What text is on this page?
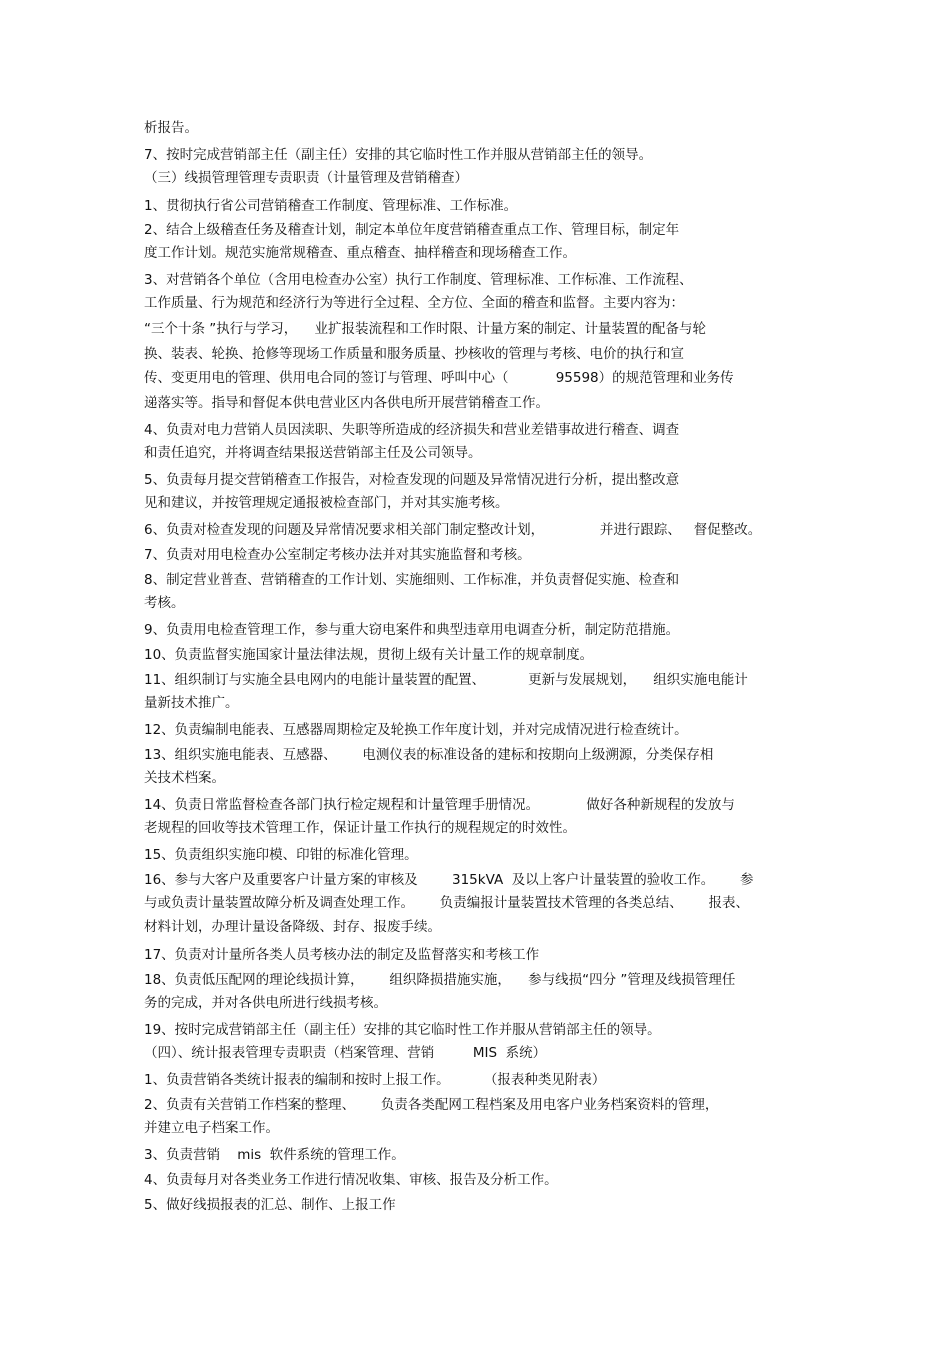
析报告。
7、按时完成营销部主任（副主任）安排的其它临时性工作并服从营销部主任的领导。
（三）线损管理管理专责职责（计量管理及营销稽查）
1、贯彻执行省公司营销稽查工作制度、管理标准、工作标准。
2、结合上级稽查任务及稽查计划，制定本单位年度营销稽查重点工作、管理目标，制定年
度工作计划。规范实施常规稽查、重点稽查、抽样稽查和现场稽查工作。
3、对营销各个单位（含用电检查办公室）执行工作制度、管理标准、工作标准、工作流程、
工作质量、行为规范和经济行为等进行全过程、全方位、全面的稽查和监督。主要内容为：
“三个十条 ”执行与学习，    业扩报装流程和工作时限、计量方案的制定、计量装置的配备与轮
换、装表、轮换、抢修等现场工作质量和服务质量、抄核收的管理与考核、电价的执行和宣
传、变更用电的管理、供用电合同的签订与管理、呼叫中心（           95598）的规范管理和业务传
递落实等。指导和督促本供电营业区内各供电所开展营销稽查工作。
4、负责对电力营销人员因渎职、失职等所造成的经济损失和营业差错事故进行稽查、调查
和责任追究，并将调查结果报送营销部主任及公司领导。
5、负责每月提交营销稽查工作报告，对检查发现的问题及异常情况进行分析，提出整改意
见和建议，并按管理规定通报被检查部门，并对其实施考核。
6、负责对检查发现的问题及异常情况要求相关部门制定整改计划，             并进行跟踪、   督促整改。
7、负责对用电检查办公室制定考核办法并对其实施监督和考核。
8、制定营业普查、营销稽查的工作计划、实施细则、工作标准，并负责督促实施、检查和
考核。
9、负责用电检查管理工作，参与重大窃电案件和典型违章用电调查分析，制定防范措施。
10、负责监督实施国家计量法律法规，贯彻上级有关计量工作的规章制度。
11、组织制订与实施全县电网内的电能计量装置的配置、          更新与发展规划，    组织实施电能计
量新技术推广。
12、负责编制电能表、互感器周期检定及轮换工作年度计划，并对完成情况进行检查统计。
13、组织实施电能表、互感器、      电测仪表的标准设备的建标和按期向上级溯源，分类保存相
关技术档案。
14、负责日常监督检查各部门执行检定规程和计量管理手册情况。           做好各种新规程的发放与
老规程的回收等技术管理工作，保证计量工作执行的规程规定的时效性。
15、负责组织实施印模、印钳的标准化管理。
16、参与大客户及重要客户计量方案的审核及        315kVA  及以上客户计量装置的验收工作。      参
与或负责计量装置故障分析及调查处理工作。      负责编报计量装置技术管理的各类总结、      报表、
材料计划，办理计量设备降级、封存、报废手续。
17、负责对计量所各类人员考核办法的制定及监督落实和考核工作
18、负责低压配网的理论线损计算，      组织降损措施实施，    参与线损“四分 ”管理及线损管理任
务的完成，并对各供电所进行线损考核。
19、按时完成营销部主任（副主任）安排的其它临时性工作并服从营销部主任的领导。
（四）、统计报表管理专责职责（档案管理、营销         MIS  系统）
1、负责营销各类统计报表的编制和按时上报工作。        （报表种类见附表）
2、负责有关营销工作档案的整理、      负责各类配网工程档案及用电客户业务档案资料的管理，
并建立电子档案工作。
3、负责营销    mis  软件系统的管理工作。
4、负责每月对各类业务工作进行情况收集、审核、报告及分析工作。
5、做好线损报表的汇总、制作、上报工作
